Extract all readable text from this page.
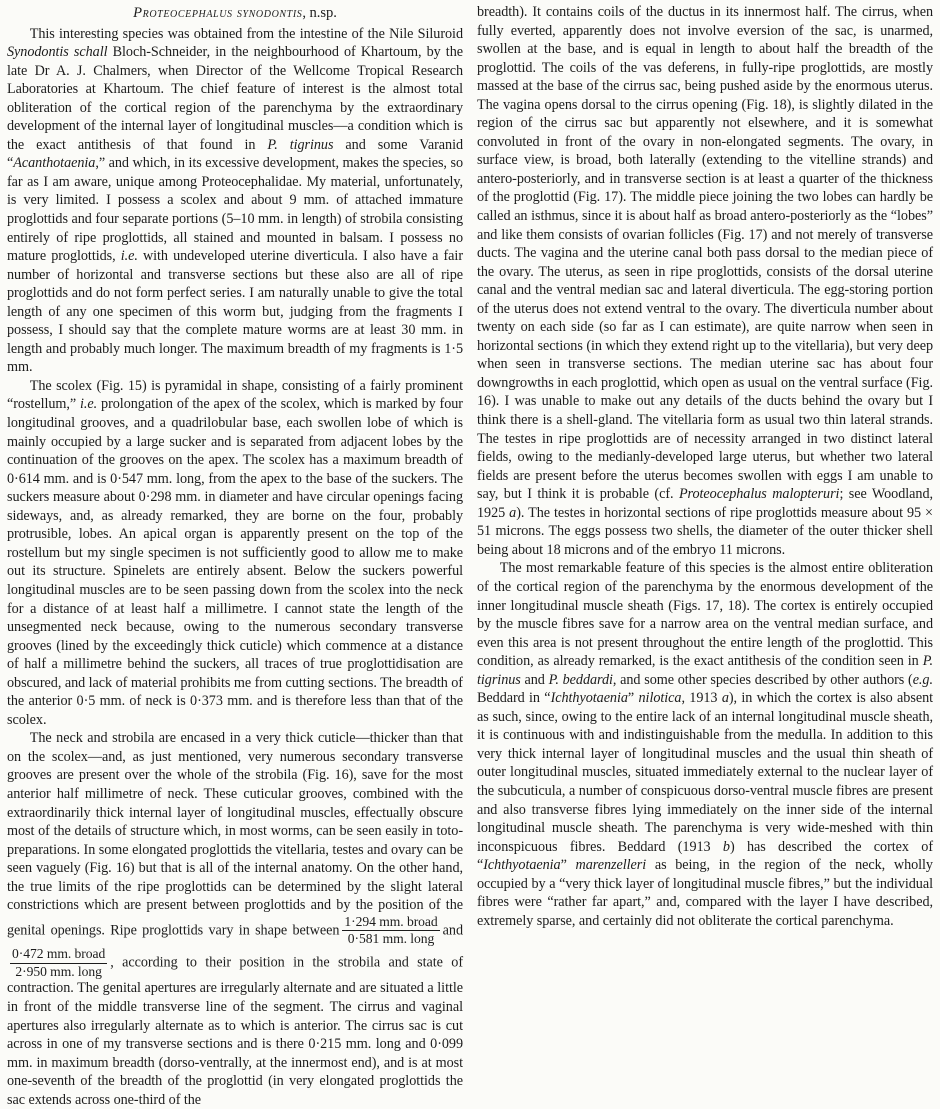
Proteocephalus synodontis, n.sp.

This interesting species was obtained from the intestine of the Nile Siluroid Synodontis schall Bloch-Schneider, in the neighbourhood of Khartoum, by the late Dr A. J. Chalmers, when Director of the Wellcome Tropical Research Laboratories at Khartoum. The chief feature of interest is the almost total obliteration of the cortical region of the parenchyma by the extraordinary development of the internal layer of longitudinal muscles—a condition which is the exact antithesis of that found in P. tigrinus and some Varanid “Acanthotaenia,” and which, in its excessive development, makes the species, so far as I am aware, unique among Proteocephalidae. My material, unfortunately, is very limited. I possess a scolex and about 9 mm. of attached immature proglottids and four separate portions (5–10 mm. in length) of strobila consisting entirely of ripe proglottids, all stained and mounted in balsam. I possess no mature proglottids, i.e. with undeveloped uterine diverticula. I also have a fair number of horizontal and transverse sections but these also are all of ripe proglottids and do not form perfect series. I am naturally unable to give the total length of any one specimen of this worm but, judging from the fragments I possess, I should say that the complete mature worms are at least 30 mm. in length and probably much longer. The maximum breadth of my fragments is 1·5 mm.

The scolex (Fig. 15) is pyramidal in shape, consisting of a fairly prominent “rostellum,” i.e. prolongation of the apex of the scolex, which is marked by four longitudinal grooves, and a quadrilobular base, each swollen lobe of which is mainly occupied by a large sucker and is separated from adjacent lobes by the continuation of the grooves on the apex. The scolex has a maximum breadth of 0·614 mm. and is 0·547 mm. long, from the apex to the base of the suckers. The suckers measure about 0·298 mm. in diameter and have circular openings facing sideways, and, as already remarked, they are borne on the four, probably protrusible, lobes. An apical organ is apparently present on the top of the rostellum but my single specimen is not sufficiently good to allow me to make out its structure. Spinelets are entirely absent. Below the suckers powerful longitudinal muscles are to be seen passing down from the scolex into the neck for a distance of at least half a millimetre. I cannot state the length of the unsegmented neck because, owing to the numerous secondary transverse grooves (lined by the exceedingly thick cuticle) which commence at a distance of half a millimetre behind the suckers, all traces of true proglottidisation are obscured, and lack of material prohibits me from cutting sections. The breadth of the anterior 0·5 mm. of neck is 0·373 mm. and is therefore less than that of the scolex.

The neck and strobila are encased in a very thick cuticle—thicker than that on the scolex—and, as just mentioned, very numerous secondary transverse grooves are present over the whole of the strobila (Fig. 16), save for the most anterior half millimetre of neck. These cuticular grooves, combined with the extraordinarily thick internal layer of longitudinal muscles, effectually obscure most of the details of structure which, in most worms, can be seen easily in toto-preparations. In some elongated proglottids the vitellaria, testes and ovary can be seen vaguely (Fig. 16) but that is all of the internal anatomy. On the other hand, the true limits of the ripe proglottids can be determined by the slight lateral constrictions which are present between proglottids and by the position of the genital openings. Ripe proglottids vary in shape between $\frac{\text{1·294 mm. broad}}{\text{0·581 mm. long}}$ and
$\frac{\text{0·472 mm. broad}}{\text{2·950 mm. long}}$ , according to their position in the strobila and state of contraction. The genital apertures are irregularly alternate and are situated a little in front of the middle transverse line of the segment. The cirrus and vaginal apertures also irregularly alternate as to which is anterior. The cirrus sac is cut across in one of my transverse sections and is there 0·215 mm. long and 0·099 mm. in maximum breadth (dorso-ventrally, at the innermost end), and is at most one-seventh of the breadth of the proglottid (in very elongated proglottids the sac extends across one-third of the

breadth). It contains coils of the ductus in its innermost half. The cirrus, when fully everted, apparently does not involve eversion of the sac, is unarmed, swollen at the base, and is equal in length to about half the breadth of the proglottid. The coils of the vas deferens, in fully-ripe proglottids, are mostly massed at the base of the cirrus sac, being pushed aside by the enormous uterus. The vagina opens dorsal to the cirrus opening (Fig. 18), is slightly dilated in the region of the cirrus sac but apparently not elsewhere, and it is somewhat convoluted in front of the ovary in non-elongated segments. The ovary, in surface view, is broad, both laterally (extending to the vitelline strands) and antero-posteriorly, and in transverse section is at least a quarter of the thickness of the proglottid (Fig. 17). The middle piece joining the two lobes can hardly be called an isthmus, since it is about half as broad antero-posteriorly as the “lobes” and like them consists of ovarian follicles (Fig. 17) and not merely of transverse ducts. The vagina and the uterine canal both pass dorsal to the median piece of the ovary. The uterus, as seen in ripe proglottids, consists of the dorsal uterine canal and the ventral median sac and lateral diverticula. The egg-storing portion of the uterus does not extend ventral to the ovary. The diverticula number about twenty on each side (so far as I can estimate), are quite narrow when seen in horizontal sections (in which they extend right up to the vitellaria), but very deep when seen in transverse sections. The median uterine sac has about four downgrowths in each proglottid, which open as usual on the ventral surface (Fig. 16). I was unable to make out any details of the ducts behind the ovary but I think there is a shell-gland. The vitellaria form as usual two thin lateral strands. The testes in ripe proglottids are of necessity arranged in two distinct lateral fields, owing to the medianly-developed large uterus, but whether two lateral fields are present before the uterus becomes swollen with eggs I am unable to say, but I think it is probable (cf. Proteocephalus malopteruri; see Woodland, 1925 a). The testes in horizontal sections of ripe proglottids measure about 95 × 51 microns. The eggs possess two shells, the diameter of the outer thicker shell being about 18 microns and of the embryo 11 microns.

The most remarkable feature of this species is the almost entire obliteration of the cortical region of the parenchyma by the enormous development of the inner longitudinal muscle sheath (Figs. 17, 18). The cortex is entirely occupied by the muscle fibres save for a narrow area on the ventral median surface, and even this area is not present throughout the entire length of the proglottid. This condition, as already remarked, is the exact antithesis of the condition seen in P. tigrinus and P. beddardi, and some other species described by other authors (e.g. Beddard in “Ichthyotaenia” nilotica, 1913 a), in which the cortex is also absent as such, since, owing to the entire lack of an internal longitudinal muscle sheath, it is continuous with and indistinguishable from the medulla. In addition to this very thick internal layer of longitudinal muscles and the usual thin sheath of outer longitudinal muscles, situated immediately external to the nuclear layer of the subcuticula, a number of conspicuous dorso-ventral muscle fibres are present and also transverse fibres lying immediately on the inner side of the internal longitudinal muscle sheath. The parenchyma is very wide-meshed with thin inconspicuous fibres. Beddard (1913 b) has described the cortex of “Ichthyotaenia” marenzelleri as being, in the region of the neck, wholly occupied by a “very thick layer of longitudinal muscle fibres,” but the individual fibres were “rather far apart,” and, compared with the layer I have described, extremely sparse, and certainly did not obliterate the cortical parenchyma.
